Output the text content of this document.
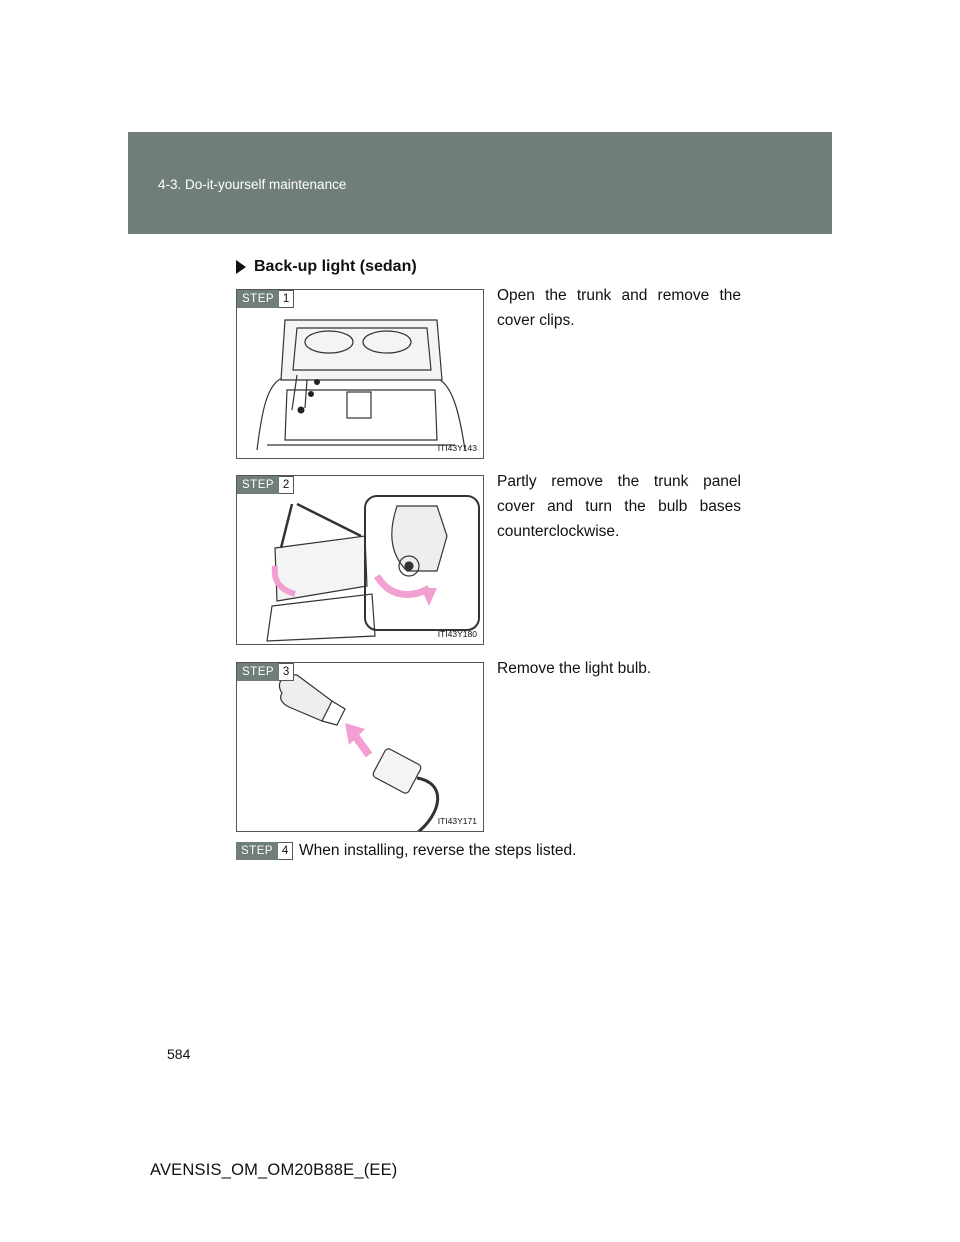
4-3. Do-it-yourself maintenance
Back-up light (sedan)
STEP 1
ITI43Y143
Open the trunk and remove the cover clips.
STEP 2
ITI43Y180
Partly remove the trunk panel cover and turn the bulb bases counterclockwise.
STEP 3
ITI43Y171
Remove the light bulb.
STEP 4 When installing, reverse the steps listed.
584
AVENSIS_OM_OM20B88E_(EE)
